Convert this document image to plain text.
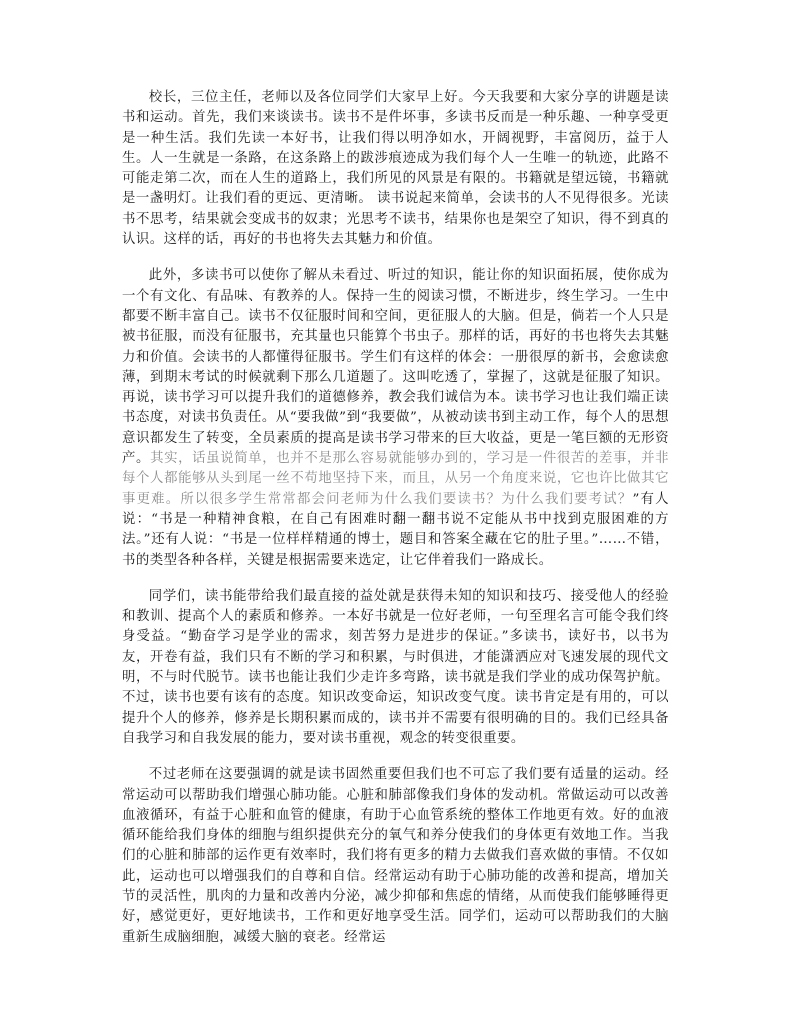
校长，三位主任，老师以及各位同学们大家早上好。今天我要和大家分享的讲题是读书和运动。首先，我们来谈读书。读书不是件坏事，多读书反而是一种乐趣、一种享受更是一种生活。我们先读一本好书，让我们得以明净如水，开阔视野，丰富阅历，益于人生。人一生就是一条路，在这条路上的跋涉痕迹成为我们每个人一生唯一的轨迹，此路不可能走第二次，而在人生的道路上，我们所见的风景是有限的。书籍就是望远镜，书籍就是一盏明灯。让我们看的更远、更清晰。 读书说起来简单，会读书的人不见得很多。光读书不思考，结果就会变成书的奴隶；光思考不读书，结果你也是架空了知识，得不到真的认识。这样的话，再好的书也将失去其魅力和价值。

此外，多读书可以使你了解从未看过、听过的知识，能让你的知识面拓展，使你成为一个有文化、有品味、有教养的人。保持一生的阅读习惯，不断进步，终生学习。一生中都要不断丰富自己。读书不仅征服时间和空间，更征服人的大脑。但是，倘若一个人只是被书征服，而没有征服书，充其量也只能算个书虫子。那样的话，再好的书也将失去其魅力和价值。会读书的人都懂得征服书。学生们有这样的体会：一册很厚的新书，会愈读愈薄，到期末考试的时候就剩下那么几道题了。这叫吃透了，掌握了，这就是征服了知识。 再说，读书学习可以提升我们的道德修养，教会我们诚信为本。读书学习也让我们端正读书态度，对读书负责任。从“要我做”到“我要做”，从被动读书到主动工作，每个人的思想意识都发生了转变，全员素质的提高是读书学习带来的巨大收益，更是一笔巨额的无形资产。其实，话虽说简单，也并不是那么容易就能够办到的，学习是一件很苦的差事，并非每个人都能够从头到尾一丝不苟地坚持下来，而且，从另一个角度来说，它也许比做其它事更难。所以很多学生常常都会问老师为什么我们要读书？为什么我们要考试？”有人说：“书是一种精神食粮，在自己有困难时翻一翻书说不定能从书中找到克服困难的方法。”还有人说：“书是一位样样精通的博士，题目和答案全藏在它的肚子里。”……不错，书的类型各种各样，关键是根据需要来选定，让它伴着我们一路成长。

同学们，读书能带给我们最直接的益处就是获得未知的知识和技巧、接受他人的经验和教训、提高个人的素质和修养。一本好书就是一位好老师，一句至理名言可能令我们终身受益。“勤奋学习是学业的需求，刻苦努力是进步的保证。”多读书，读好书，以书为友，开卷有益，我们只有不断的学习和积累，与时俱进，才能潇洒应对飞速发展的现代文明，不与时代脱节。读书也能让我们少走许多弯路，读书就是我们学业的成功保驾护航。不过，读书也要有该有的态度。知识改变命运，知识改变气度。读书肯定是有用的，可以提升个人的修养，修养是长期积累而成的，读书并不需要有很明确的目的。我们已经具备自我学习和自我发展的能力，要对读书重视，观念的转变很重要。

不过老师在这要强调的就是读书固然重要但我们也不可忘了我们要有适量的运动。经常运动可以帮助我们增强心肺功能。心脏和肺部像我们身体的发动机。常做运动可以改善血液循环，有益于心脏和血管的健康，有助于心血管系统的整体工作地更有效。好的血液循环能给我们身体的细胞与组织提供充分的氧气和养分使我们的身体更有效地工作。当我们的心脏和肺部的运作更有效率时，我们将有更多的精力去做我们喜欢做的事情。不仅如此，运动也可以增强我们的自尊和自信。经常运动有助于心肺功能的改善和提高，增加关节的灵活性，肌肉的力量和改善内分泌，减少抑郁和焦虑的情绪，从而使我们能够睡得更好，感觉更好，更好地读书，工作和更好地享受生活。同学们，运动可以帮助我们的大脑重新生成脑细胞，减缓大脑的衰老。经常运
